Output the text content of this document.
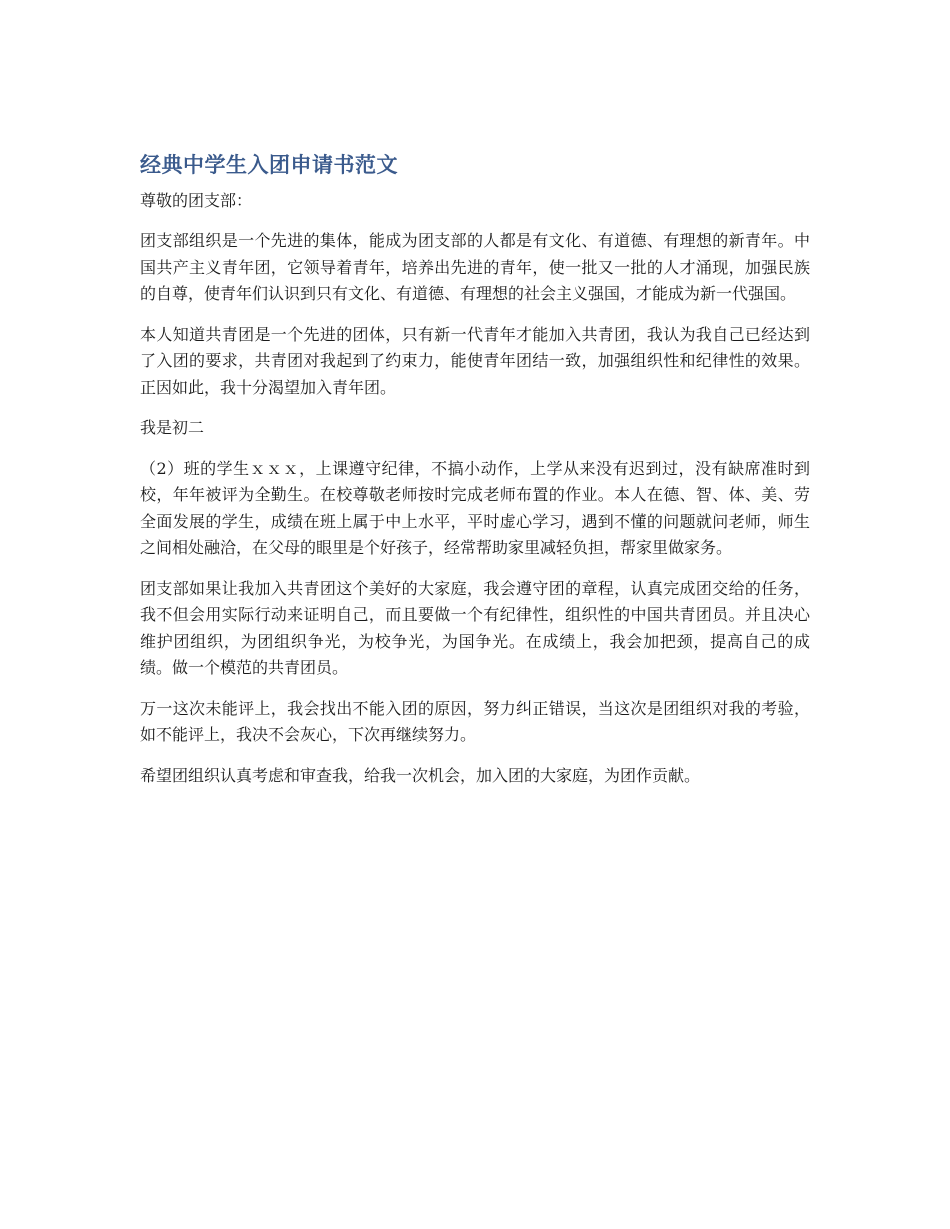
经典中学生入团申请书范文

尊敬的团支部：

团支部组织是一个先进的集体，能成为团支部的人都是有文化、有道德、有理想的新青年。中国共产主义青年团，它领导着青年，培养出先进的青年，使一批又一批的人才涌现，加强民族的自尊，使青年们认识到只有文化、有道德、有理想的社会主义强国，才能成为新一代强国。

本人知道共青团是一个先进的团体，只有新一代青年才能加入共青团，我认为我自己已经达到了入团的要求，共青团对我起到了约束力，能使青年团结一致，加强组织性和纪律性的效果。正因如此，我十分渴望加入青年团。

我是初二

（2）班的学生ｘｘｘ，上课遵守纪律，不搞小动作，上学从来没有迟到过，没有缺席准时到校，年年被评为全勤生。在校尊敬老师按时完成老师布置的作业。本人在德、智、体、美、劳全面发展的学生，成绩在班上属于中上水平，平时虚心学习，遇到不懂的问题就问老师，师生之间相处融洽，在父母的眼里是个好孩子，经常帮助家里减轻负担，帮家里做家务。

团支部如果让我加入共青团这个美好的大家庭，我会遵守团的章程，认真完成团交给的任务，我不但会用实际行动来证明自己，而且要做一个有纪律性，组织性的中国共青团员。并且决心维护团组织，为团组织争光，为校争光，为国争光。在成绩上，我会加把颈，提高自己的成绩。做一个模范的共青团员。

万一这次未能评上，我会找出不能入团的原因，努力纠正错误，当这次是团组织对我的考验，如不能评上，我决不会灰心，下次再继续努力。

希望团组织认真考虑和审查我，给我一次机会，加入团的大家庭，为团作贡献。
